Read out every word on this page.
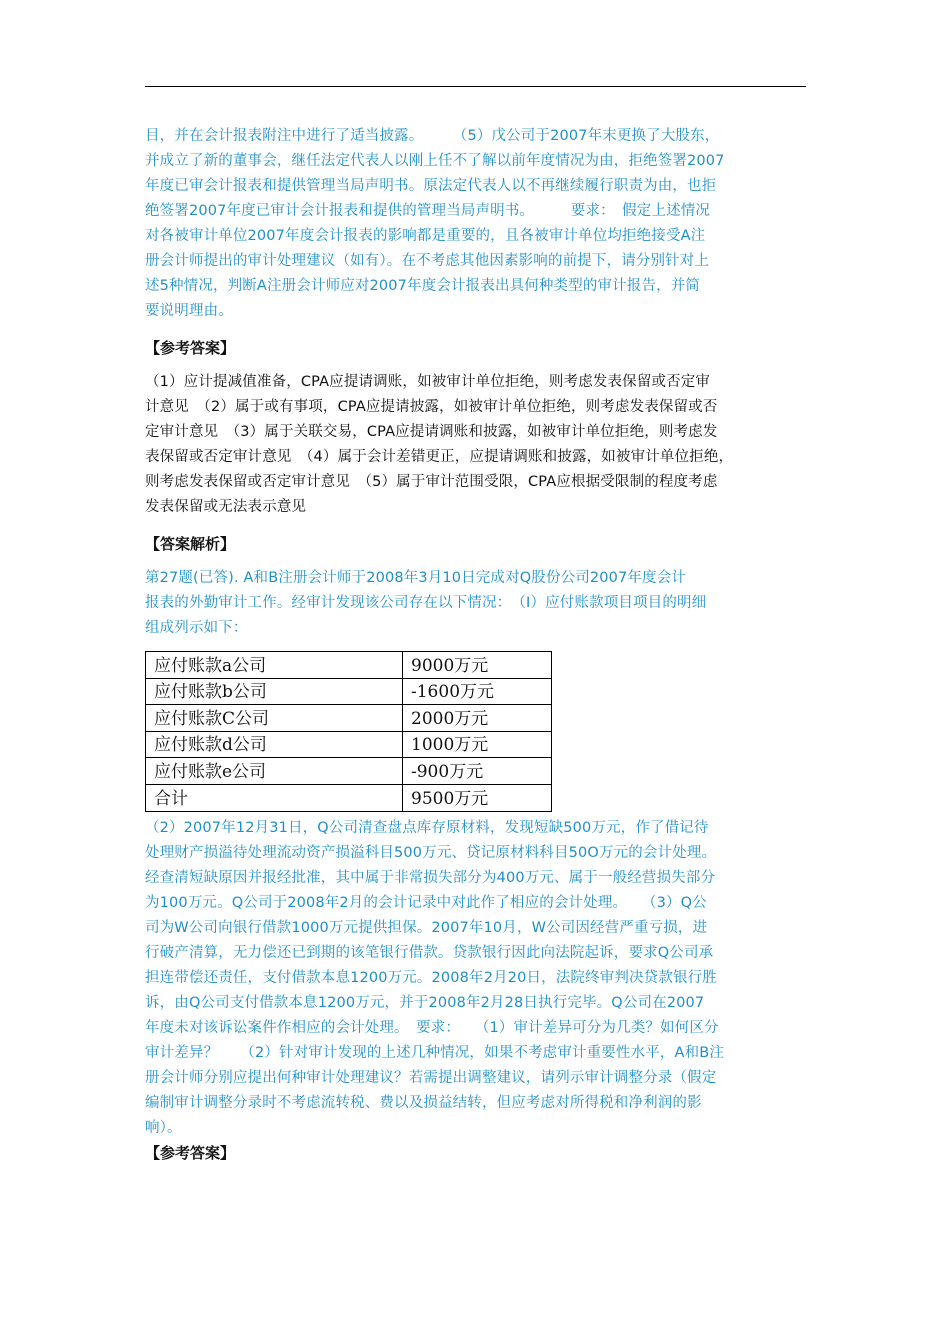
目，并在会计报表附注中进行了适当披露。　　　（5）戊公司于2007年末更换了大股东，
并成立了新的董事会，继任法定代表人以刚上任不了解以前年度情况为由，拒绝签署2007
年度已审会计报表和提供管理当局声明书。原法定代表人以不再继续履行职责为由，也拒
绝签署2007年度已审计会计报表和提供的管理当局声明书。　　　要求：　假定上述情况
对各被审计单位2007年度会计报表的影响都是重要的，且各被审计单位均拒绝接受A注
册会计师提出的审计处理建议（如有）。在不考虑其他因素影响的前提下，请分别针对上
述5种情况，判断A注册会计师应对2007年度会计报表出具何种类型的审计报告，并简
要说明理由。
【参考答案】
（1）应计提减值准备，CPA应提请调账，如被审计单位拒绝，则考虑发表保留或否定审
计意见　（2）属于或有事项，CPA应提请披露，如被审计单位拒绝，则考虑发表保留或否
定审计意见　（3）属于关联交易，CPA应提请调账和披露，如被审计单位拒绝，则考虑发
表保留或否定审计意见　（4）属于会计差错更正，应提请调账和披露，如被审计单位拒绝，
则考虑发表保留或否定审计意见　（5）属于审计范围受限，CPA应根据受限制的程度考虑
发表保留或无法表示意见
【答案解析】
第27题(已答). A和B注册会计师于2008年3月10日完成对Q股份公司2007年度会计
报表的外勤审计工作。经审计发现该公司存在以下情况：　（I）应付账款项目项目的明细
组成列示如下：
应付账款a公司	9000万元
应付账款b公司	-1600万元
应付账款C公司	2000万元
应付账款d公司	1000万元
应付账款e公司	-900万元
合计	9500万元
（2）2007年12月31日，Q公司清查盘点库存原材料，发现短缺500万元，作了借记待
处理财产损溢待处理流动资产损溢科目500万元、贷记原材料科目50O万元的会计处理。
经查清短缺原因并报经批准，其中属于非常损失部分为400万元、属于一般经营损失部分
为100万元。Q公司于2008年2月的会计记录中对此作了相应的会计处理。　　（3）Q公
司为W公司向银行借款1000万元提供担保。2007年10月，W公司因经营严重亏损，进
行破产清算，无力偿还已到期的该笔银行借款。贷款银行因此向法院起诉，要求Q公司承
担连带偿还责任，支付借款本息1200万元。2008年2月20日，法院终审判决贷款银行胜
诉，由Q公司支付借款本息1200万元，并于2008年2月28日执行完毕。Q公司在2007
年度未对该诉讼案件作相应的会计处理。　要求：　　（1）审计差异可分为几类？如何区分
审计差异？　　（2）针对审计发现的上述几种情况，如果不考虑审计重要性水平，A和B注
册会计师分别应提出何种审计处理建议？若需提出调整建议，请列示审计调整分录（假定
编制审计调整分录时不考虑流转税、费以及损益结转，但应考虑对所得税和净利润的影
响）。
【参考答案】
